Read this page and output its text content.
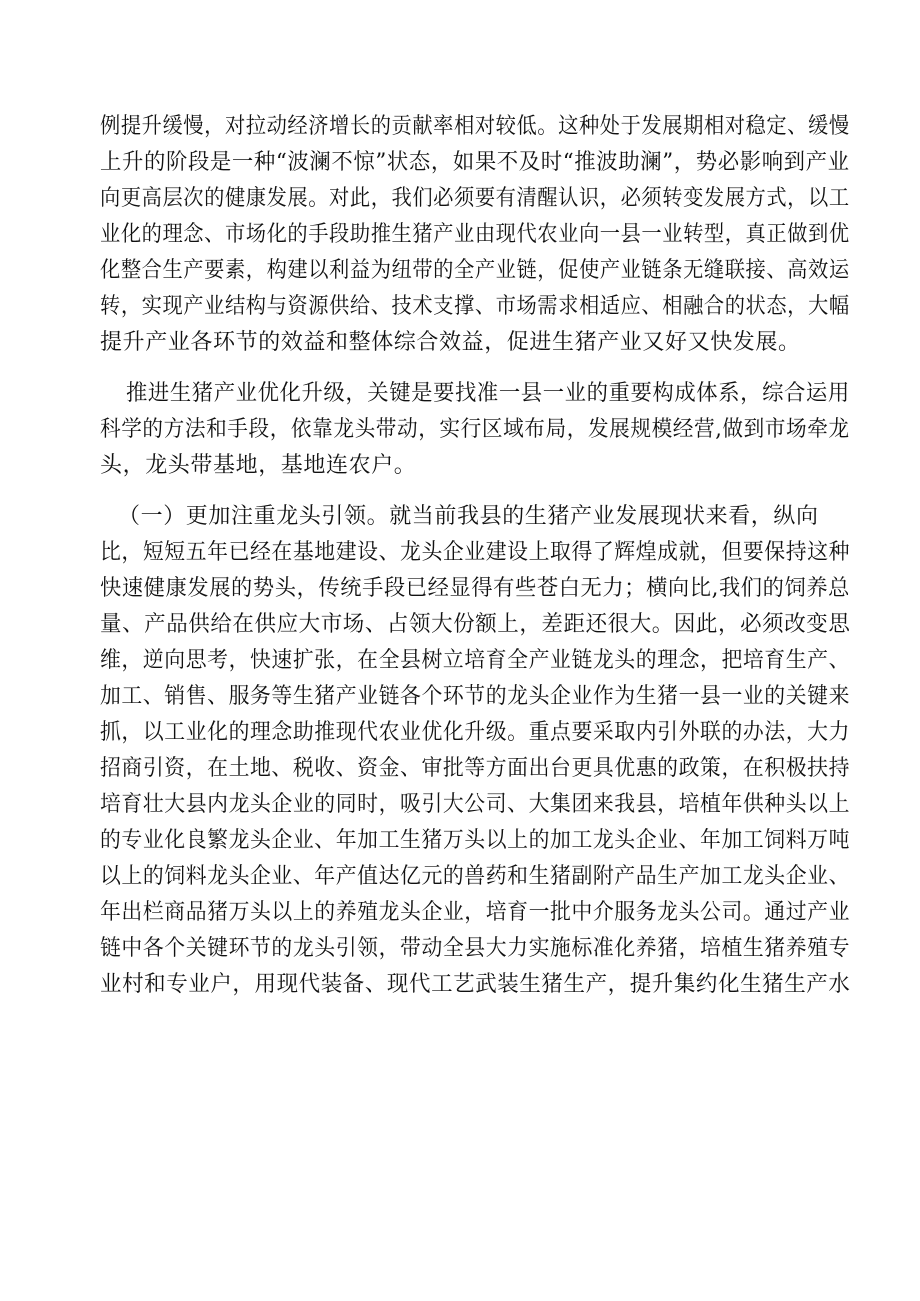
例提升缓慢，对拉动经济增长的贡献率相对较低。这种处于发展期相对稳定、缓慢
上升的阶段是一种“波澜不惊”状态，如果不及时“推波助澜”，势必影响到产业
向更高层次的健康发展。对此，我们必须要有清醒认识，必须转变发展方式，以工
业化的理念、市场化的手段助推生猪产业由现代农业向一县一业转型，真正做到优
化整合生产要素，构建以利益为纽带的全产业链，促使产业链条无缝联接、高效运
转，实现产业结构与资源供给、技术支撑、市场需求相适应、相融合的状态，大幅
提升产业各环节的效益和整体综合效益，促进生猪产业又好又快发展。
推进生猪产业优化升级，关键是要找准一县一业的重要构成体系，综合运用
科学的方法和手段，依靠龙头带动，实行区域布局，发展规模经营,做到市场牵龙
头，龙头带基地，基地连农户。
（一）更加注重龙头引领。就当前我县的生猪产业发展现状来看，纵向
比，短短五年已经在基地建设、龙头企业建设上取得了辉煌成就，但要保持这种
快速健康发展的势头，传统手段已经显得有些苍白无力；横向比,我们的饲养总
量、产品供给在供应大市场、占领大份额上，差距还很大。因此，必须改变思
维，逆向思考，快速扩张，在全县树立培育全产业链龙头的理念，把培育生产、
加工、销售、服务等生猪产业链各个环节的龙头企业作为生猪一县一业的关键来
抓，以工业化的理念助推现代农业优化升级。重点要采取内引外联的办法，大力
招商引资，在土地、税收、资金、审批等方面出台更具优惠的政策，在积极扶持
培育壮大县内龙头企业的同时，吸引大公司、大集团来我县，培植年供种头以上
的专业化良繁龙头企业、年加工生猪万头以上的加工龙头企业、年加工饲料万吨
以上的饲料龙头企业、年产值达亿元的兽药和生猪副附产品生产加工龙头企业、
年出栏商品猪万头以上的养殖龙头企业，培育一批中介服务龙头公司。通过产业
链中各个关键环节的龙头引领，带动全县大力实施标准化养猪，培植生猪养殖专
业村和专业户，用现代装备、现代工艺武装生猪生产，提升集约化生猪生产水
